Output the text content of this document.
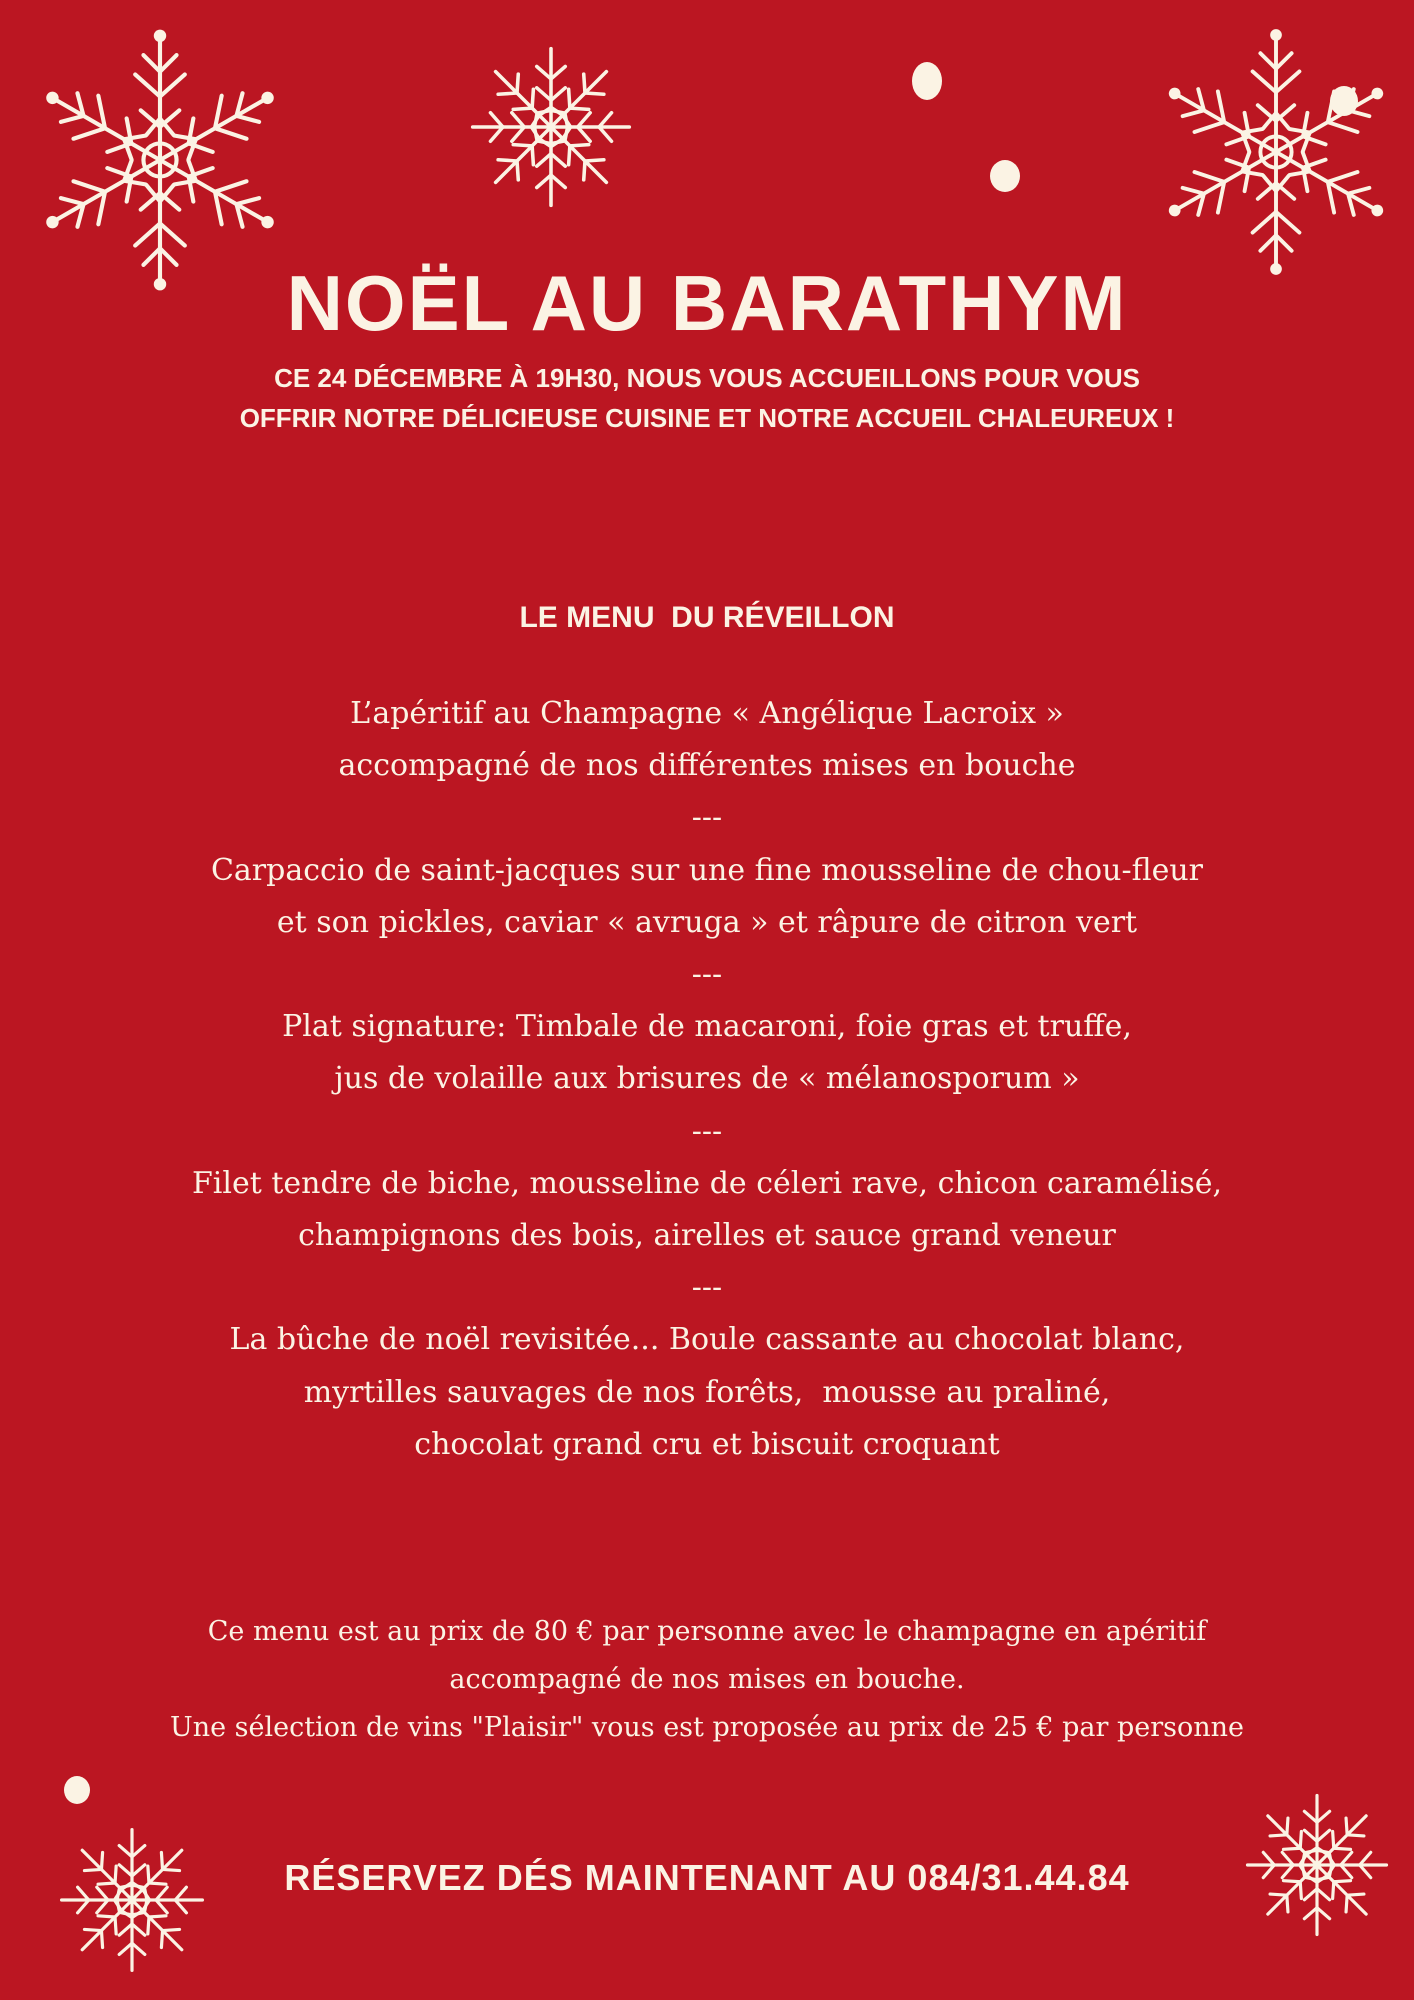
NOËL AU BARATHYM
CE 24 DÉCEMBRE À 19H30, NOUS VOUS ACCUEILLONS POUR VOUS
OFFRIR NOTRE DÉLICIEUSE CUISINE ET NOTRE ACCUEIL CHALEUREUX !
LE MENU  DU RÉVEILLON
L’apéritif au Champagne « Angélique Lacroix »
accompagné de nos différentes mises en bouche
---
Carpaccio de saint-jacques sur une fine mousseline de chou-fleur
et son pickles, caviar « avruga » et râpure de citron vert
---
Plat signature: Timbale de macaroni, foie gras et truffe,
jus de volaille aux brisures de « mélanosporum »
---
Filet tendre de biche, mousseline de céleri rave, chicon caramélisé,
champignons des bois, airelles et sauce grand veneur
---
La bûche de noël revisitée... Boule cassante au chocolat blanc,
myrtilles sauvages de nos forêts,  mousse au praliné,
chocolat grand cru et biscuit croquant
Ce menu est au prix de 80 € par personne avec le champagne en apéritif
accompagné de nos mises en bouche.
Une sélection de vins "Plaisir" vous est proposée au prix de 25 € par personne
RÉSERVEZ DÉS MAINTENANT AU 084/31.44.84
